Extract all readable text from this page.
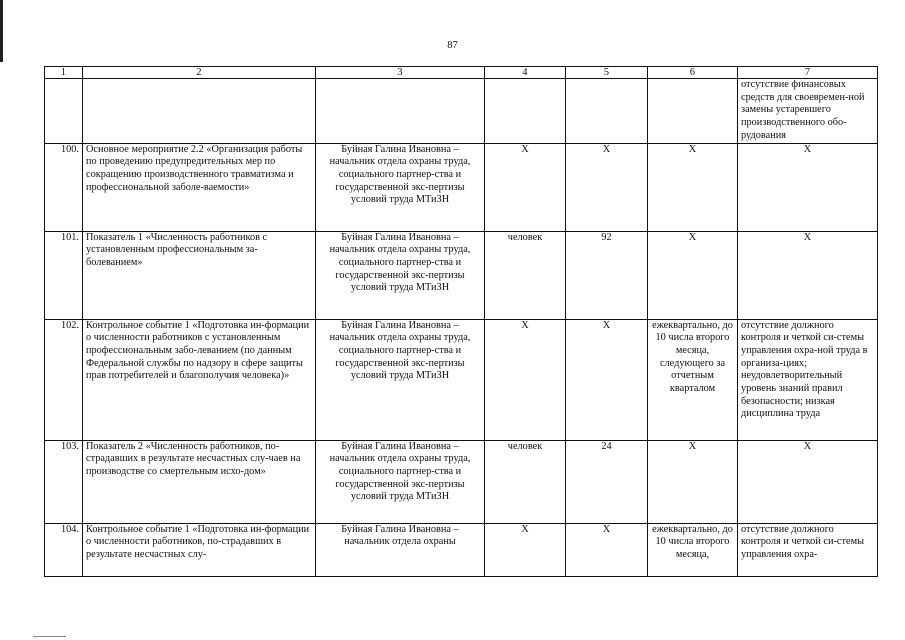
87
1	2	3	4	5	6	7
						отсутствие финансовых средств для своевремен-ной замены устаревшего производственного обо-рудования
100.	Основное мероприятие 2.2 «Организация работы по проведению предупредительных мер по сокращению производственного травматизма и профессиональной заболе-ваемости»	Буйная Галина Ивановна – начальник отдела охраны труда, социального партнер-ства и государственной экс-пертизы условий труда МТиЗН	Х	Х	Х	Х
101.	Показатель 1 «Численность работников с установленным профессиональным за-болеванием»	Буйная Галина Ивановна – начальник отдела охраны труда, социального партнер-ства и государственной экс-пертизы условий труда МТиЗН	человек	92	Х	Х
102.	Контрольное событие 1 «Подготовка ин-формации о численности работников с установленным профессиональным забо-леванием (по данным Федеральной службы по надзору в сфере защиты прав потребителей и благополучия человека)»	Буйная Галина Ивановна – начальник отдела охраны труда, социального партнер-ства и государственной экс-пертизы условий труда МТиЗН	Х	Х	ежеквартально, до 10 числа второго месяца, следующего за отчетным кварталом	отсутствие должного контроля и четкой си-стемы управления охра-ной труда в организа-циях; неудовлетворительный уровень знаний правил безопасности; низкая дисциплина труда
103.	Показатель 2 «Численность работников, по-страдавших в результате несчастных слу-чаев на производстве со смертельным исхо-дом»	Буйная Галина Ивановна – начальник отдела охраны труда, социального партнер-ства и государственной экс-пертизы условий труда МТиЗН	человек	24	Х	Х
104.	Контрольное событие 1 «Подготовка ин-формации о численности работников, по-страдавших в результате несчастных слу-	Буйная Галина Ивановна – начальник отдела охраны	Х	Х	ежеквартально, до 10 числа второго месяца,	отсутствие должного контроля и четкой си-стемы управления охра-
